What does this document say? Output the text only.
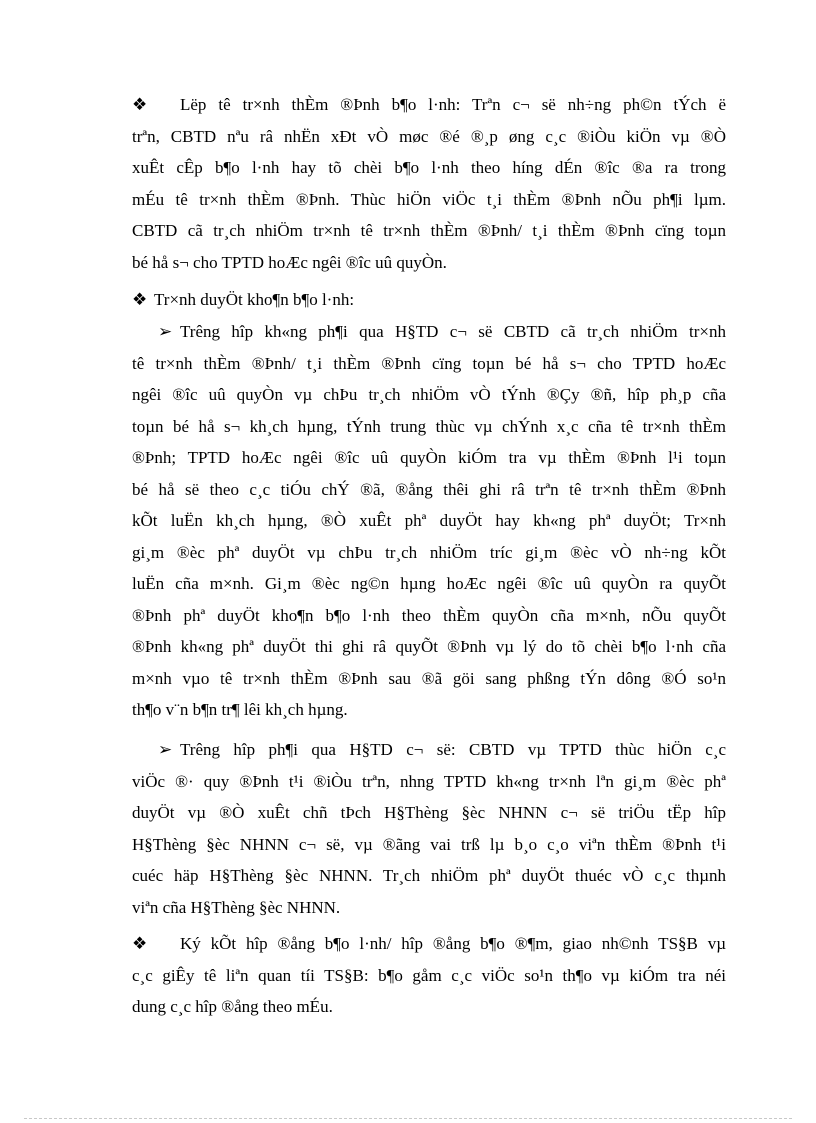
❖ Lëp tê tr×nh thÈm ®Þnh b¶o l·nh: Trªn c¬ së nh÷ng ph©n tÝch ë
trªn, CBTD nªu râ nhËn xÐt vÒ møc ®é ®¸p øng c¸c ®iÒu kiÖn vµ ®Ò
xuÊt cÊp b¶o l·nh hay tõ chèi b¶o l·nh theo híng dÉn ®îc ®a ra trong
mÉu tê tr×nh thÈm ®Þnh. Thùc hiÖn viÖc t¸i thÈm ®Þnh nÕu ph¶i lµm.
CBTD cã tr¸ch nhiÖm tr×nh tê tr×nh thÈm ®Þnh/ t¸i thÈm ®Þnh cïng toµn
bé hå s¬ cho TPTD hoÆc ngêi ®îc uû quyÒn.
❖ Tr×nh duyÖt kho¶n b¶o l·nh:
➢ Trêng hîp kh«ng ph¶i qua H§TD c¬ së CBTD cã tr¸ch nhiÖm tr×nh
tê tr×nh thÈm ®Þnh/ t¸i thÈm ®Þnh cïng toµn bé hå s¬ cho TPTD hoÆc
ngêi ®îc uû quyÒn vµ chÞu tr¸ch nhiÖm vÒ tÝnh ®Çy ®ñ, hîp ph¸p cña
toµn bé hå s¬ kh¸ch hµng, tÝnh trung thùc vµ chÝnh x¸c cña tê tr×nh thÈm
®Þnh; TPTD hoÆc ngêi ®îc uû quyÒn kiÓm tra vµ thÈm ®Þnh l¹i toµn
bé hå së theo c¸c tiÓu chÝ ®ã, ®ång thêi ghi râ trªn tê tr×nh thÈm ®Þnh
kÕt luËn kh¸ch hµng, ®Ò xuÊt phª duyÖt hay kh«ng phª duyÖt; Tr×nh
gi¸m ®èc phª duyÖt vµ chÞu tr¸ch nhiÖm tríc gi¸m ®èc vÒ nh÷ng kÕt
luËn cña m×nh. Gi¸m ®èc ng©n hµng hoÆc ngêi ®îc uû quyÒn ra quyÕt
®Þnh phª duyÖt kho¶n b¶o l·nh theo thÈm quyÒn cña m×nh, nÕu quyÕt
®Þnh kh«ng phª duyÖt thi ghi râ quyÕt ®Þnh vµ lý do tõ chèi b¶o l·nh cña
m×nh vµo tê tr×nh thÈm ®Þnh sau ®ã göi sang phßng tÝn dông ®Ó so¹n
th¶o v¨n b¶n tr¶ lêi kh¸ch hµng.
➢ Trêng hîp ph¶i qua H§TD c¬ së: CBTD vµ TPTD thùc hiÖn c¸c
viÖc ®· quy ®Þnh t¹i ®iÒu trªn, nhng TPTD kh«ng tr×nh lªn gi¸m ®èc phª
duyÖt vµ ®Ò xuÊt chñ tÞch H§Thèng §èc NHNN c¬ së triÖu tËp hîp
H§Thèng §èc NHNN c¬ së, vµ ®ãng vai trß lµ b¸o c¸o viªn thÈm ®Þnh t¹i
cuéc häp H§Thèng §èc NHNN. Tr¸ch nhiÖm phª duyÖt thuéc vÒ c¸c thµnh
viªn cña H§Thèng §èc NHNN.
❖ Ký kÕt hîp ®ång b¶o l·nh/ hîp ®ång b¶o ®¶m, giao nh©nh TS§B vµ
c¸c giÊy tê liªn quan tíi TS§B: b¶o gåm c¸c viÖc so¹n th¶o vµ kiÓm tra néi
dung c¸c hîp ®ång theo mÉu.
